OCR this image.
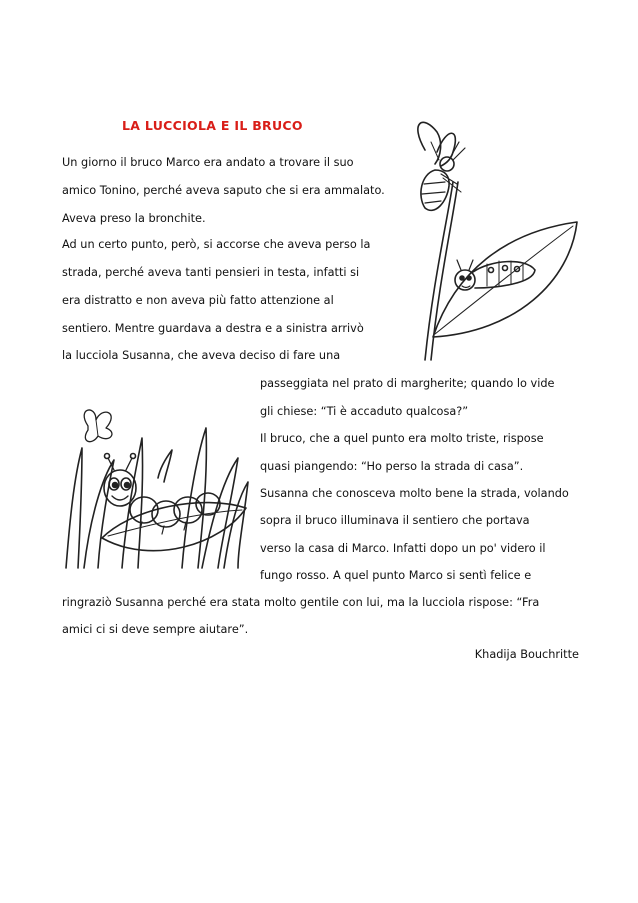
LA LUCCIOLA E IL BRUCO
Un giorno il bruco Marco era andato a trovare il suo
amico Tonino, perché aveva saputo che si era ammalato.
Aveva preso la bronchite.
Ad un certo punto, però, si accorse che aveva perso la
strada, perché aveva tanti pensieri in testa, infatti si
era distratto e non aveva più fatto attenzione al
sentiero. Mentre guardava a destra e a sinistra arrivò
la lucciola Susanna, che aveva deciso di fare una
passeggiata nel prato di margherite; quando lo vide
gli chiese: “Ti è accaduto qualcosa?”
Il bruco, che a quel punto era molto triste, rispose
quasi piangendo: “Ho perso la strada di casa”.
Susanna che conosceva molto bene la strada, volando
sopra il bruco illuminava il sentiero che portava
verso la casa di Marco. Infatti dopo un po' videro il
fungo rosso. A quel punto Marco si sentì felice e
ringraziò Susanna perché era stata molto gentile con lui, ma la lucciola rispose: “Fra
amici ci si deve sempre aiutare”.
Khadija Bouchritte
